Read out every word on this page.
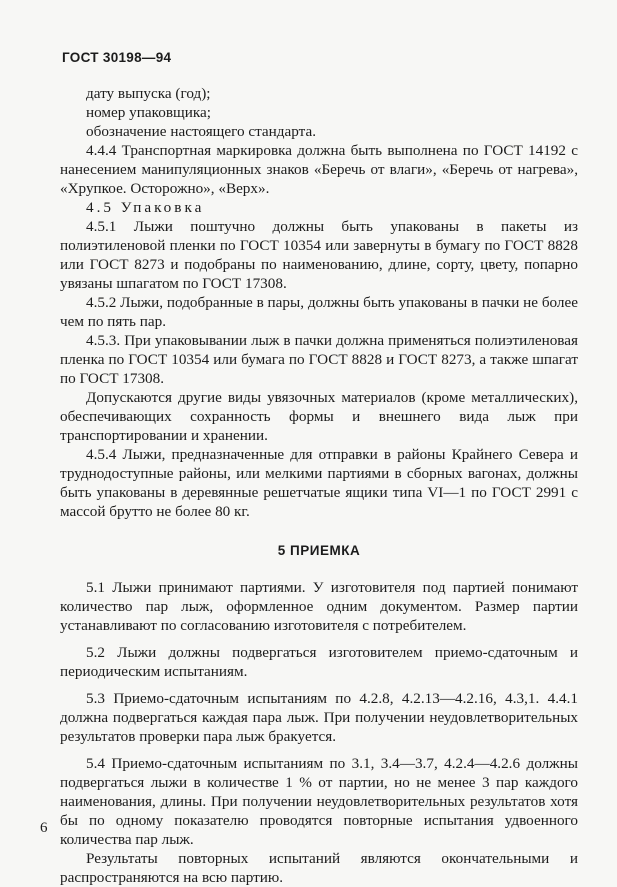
ГОСТ 30198—94

дату выпуска (год);

номер упаковщика;

обозначение настоящего стандарта.

4.4.4 Транспортная маркировка должна быть выполнена по ГОСТ 14192 с нанесением манипуляционных знаков «Беречь от влаги», «Беречь от нагрева», «Хрупкое. Осторожно», «Верх».

4.5 Упаковка

4.5.1 Лыжи поштучно должны быть упакованы в пакеты из полиэтиленовой пленки по ГОСТ 10354 или завернуты в бумагу по ГОСТ 8828 или ГОСТ 8273 и подобраны по наименованию, длине, сорту, цвету, попарно увязаны шпагатом по ГОСТ 17308.

4.5.2 Лыжи, подобранные в пары, должны быть упакованы в пачки не более чем по пять пар.

4.5.3. При упаковывании лыж в пачки должна применяться полиэтиленовая пленка по ГОСТ 10354 или бумага по ГОСТ 8828 и ГОСТ 8273, а также шпагат по ГОСТ 17308.

Допускаются другие виды увязочных материалов (кроме металлических), обеспечивающих сохранность формы и внешнего вида лыж при транспортировании и хранении.

4.5.4 Лыжи, предназначенные для отправки в районы Крайнего Севера и труднодоступные районы, или мелкими партиями в сборных вагонах, должны быть упакованы в деревянные решетчатые ящики типа VI—1 по ГОСТ 2991 с массой брутто не более 80 кг.

5 ПРИЕМКА

5.1 Лыжи принимают партиями. У изготовителя под партией понимают количество пар лыж, оформленное одним документом. Размер партии устанавливают по согласованию изготовителя с потребителем.

5.2 Лыжи должны подвергаться изготовителем приемо-сдаточным и периодическим испытаниям.

5.3 Приемо-сдаточным испытаниям по 4.2.8, 4.2.13—4.2.16, 4.3,1. 4.4.1 должна подвергаться каждая пара лыж. При получении неудовлетворительных результатов проверки пара лыж бракуется.

5.4 Приемо-сдаточным испытаниям по 3.1, 3.4—3.7, 4.2.4—4.2.6 должны подвергаться лыжи в количестве 1 % от партии, но не менее 3 пар каждого наименования, длины. При получении неудовлетворительных результатов хотя бы по одному показателю проводятся повторные испытания удвоенного количества пар лыж.

Результаты повторных испытаний являются окончательными и распространяются на всю партию.

6
